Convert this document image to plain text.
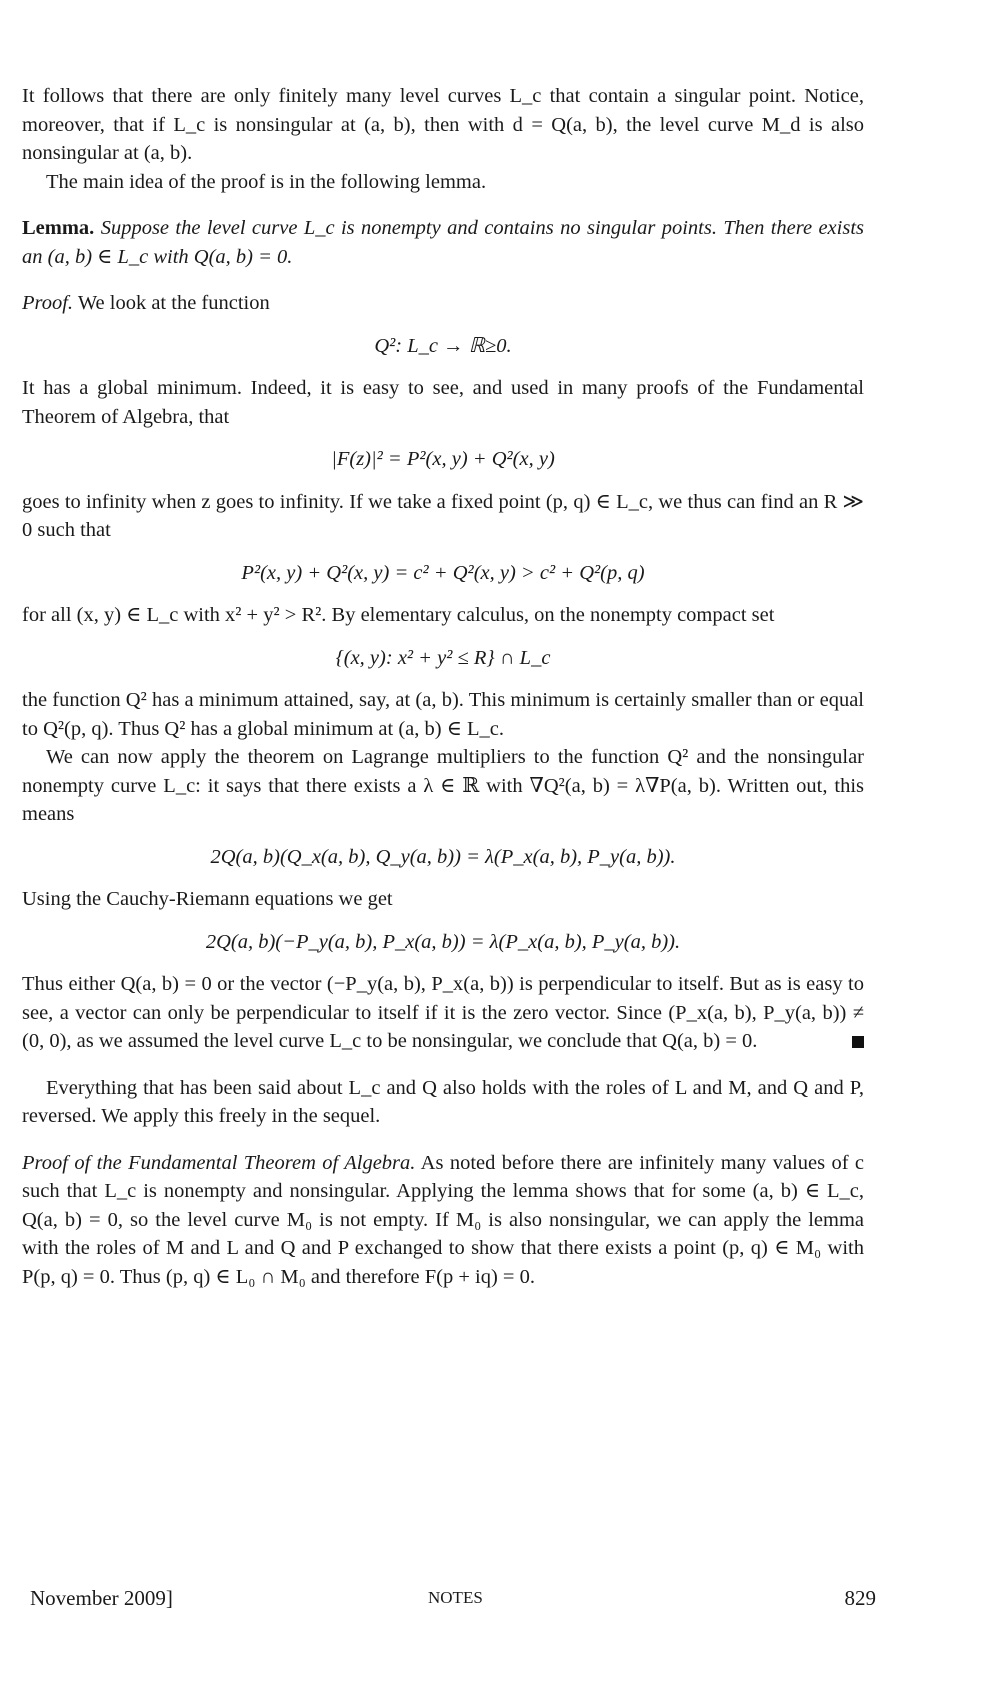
It follows that there are only finitely many level curves L_c that contain a singular point. Notice, moreover, that if L_c is nonsingular at (a, b), then with d = Q(a, b), the level curve M_d is also nonsingular at (a, b).

The main idea of the proof is in the following lemma.

Lemma. Suppose the level curve L_c is nonempty and contains no singular points. Then there exists an (a, b) ∈ L_c with Q(a, b) = 0.

Proof. We look at the function

Q²: L_c → ℝ≥0.

It has a global minimum. Indeed, it is easy to see, and used in many proofs of the Fundamental Theorem of Algebra, that

|F(z)|² = P²(x, y) + Q²(x, y)

goes to infinity when z goes to infinity. If we take a fixed point (p, q) ∈ L_c, we thus can find an R ≫ 0 such that

P²(x, y) + Q²(x, y) = c² + Q²(x, y) > c² + Q²(p, q)

for all (x, y) ∈ L_c with x² + y² > R². By elementary calculus, on the nonempty compact set

{(x, y): x² + y² ≤ R} ∩ L_c

the function Q² has a minimum attained, say, at (a, b). This minimum is certainly smaller than or equal to Q²(p, q). Thus Q² has a global minimum at (a, b) ∈ L_c.

We can now apply the theorem on Lagrange multipliers to the function Q² and the nonsingular nonempty curve L_c: it says that there exists a λ ∈ ℝ with ∇Q²(a, b) = λ∇P(a, b). Written out, this means

2Q(a, b)(Q_x(a, b), Q_y(a, b)) = λ(P_x(a, b), P_y(a, b)).

Using the Cauchy-Riemann equations we get

2Q(a, b)(−P_y(a, b), P_x(a, b)) = λ(P_x(a, b), P_y(a, b)).

Thus either Q(a, b) = 0 or the vector (−P_y(a, b), P_x(a, b)) is perpendicular to itself. But as is easy to see, a vector can only be perpendicular to itself if it is the zero vector. Since (P_x(a, b), P_y(a, b)) ≠ (0, 0), as we assumed the level curve L_c to be nonsingular, we conclude that Q(a, b) = 0.

Everything that has been said about L_c and Q also holds with the roles of L and M, and Q and P, reversed. We apply this freely in the sequel.

Proof of the Fundamental Theorem of Algebra. As noted before there are infinitely many values of c such that L_c is nonempty and nonsingular. Applying the lemma shows that for some (a, b) ∈ L_c, Q(a, b) = 0, so the level curve M₀ is not empty. If M₀ is also nonsingular, we can apply the lemma with the roles of M and L and Q and P exchanged to show that there exists a point (p, q) ∈ M₀ with P(p, q) = 0. Thus (p, q) ∈ L₀ ∩ M₀ and therefore F(p + iq) = 0.

November 2009]	NOTES	829
